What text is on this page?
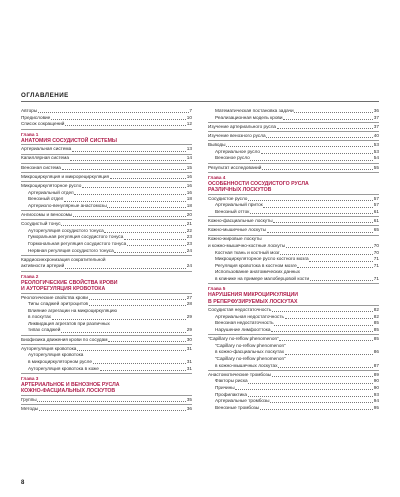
ОГЛАВЛЕНИЕ
Авторы	7
Предисловие	10
Список сокращений	12
Глава 1
АНАТОМИЯ СОСУДИСТОЙ СИСТЕМЫ
Артериальная система	13
Капиллярная система	14
Венозная система	15
Микроциркуляция и микрорециркуляция	16
Микроциркуляторное русло	16
Артериальный отдел	16
Венозный отдел	18
Артериоло-венулярные анастомозы	18
Ангиосомы и веносомы	20
Сосудистый тонус	21
Ауторегуляция сосудистого тонуса	22
Гуморальная регуляция сосудистого тонуса	23
Гормональная регуляция сосудистого тонуса	23
Нервная регуляция сосудистого тонуса	24
Кардиосинхронизация сократительной
активности артерий	24
Глава 2
РЕОЛОГИЧЕСКИЕ СВОЙСТВА КРОВИ
И АУТОРЕГУЛЯЦИЯ КРОВОТОКА
Реологические свойства крови	27
Типы сладжей эритроцитов	28
Влияние агрегации на микроциркуляцию
в лоскутах	29
Ликвидация агрегатов при различных
типах сладжей	29
Биофизика движения крови по сосудам	30
Ауторегуляция кровотока	31
Ауторегуляция кровотока
в микроциркуляторном русле	31
Ауторегуляция кровотока в коже	31
Глава 3
АРТЕРИАЛЬНОЕ И ВЕНОЗНОЕ РУСЛА
КОЖНО-ФАСЦИАЛЬНЫХ ЛОСКУТОВ
Группы	35
Методы	36
Математическая постановка задачи	36
Реализационная модель крови	37
Изучение артериального русла	37
Изучение венозного русла	40
Выводы	53
Артериальное русло	53
Венозное русло	54
Результат исследований	55
Глава 4
ОСОБЕННОСТИ СОСУДИСТОГО РУСЛА
РАЗЛИЧНЫХ ЛОСКУТОВ
Сосудистое русло	57
Артериальный приток	57
Венозный отток	61
Кожно-фасциальные лоскуты	61
Кожно-мышечные лоскуты	65
Кожно-жировые лоскуты
и кожно-мышечно-костные лоскуты	70
Костная ткань и костный мозг	70
Микроциркуляторное русло костного мозга	71
Регуляция кровотока в костном мозге	71
Использование анатомических данных
в клинике на примере малоберцовой кости	71
Глава 5
НАРУШЕНИЯ МИКРОЦИРКУЛЯЦИИ
В РЕПЕРФУЗИРУЕМЫХ ЛОСКУТАХ
Сосудистая недостаточность	82
Артериальная недостаточность	82
Венозная недостаточность	85
Нарушение лимфооттока	85
“Capillary no-reflow phenomenon”	85
“Capillary no-reflow phenomenon”
в кожно-фасциальных лоскутах	86
“Capillary no-reflow phenomenon”
в кожно-мышечных лоскутах	87
Анастомотические тромбозы	89
Факторы риска	90
Причины	90
Профилактика	93
Артериальные тромбозы	94
Венозные тромбозы	95
8
